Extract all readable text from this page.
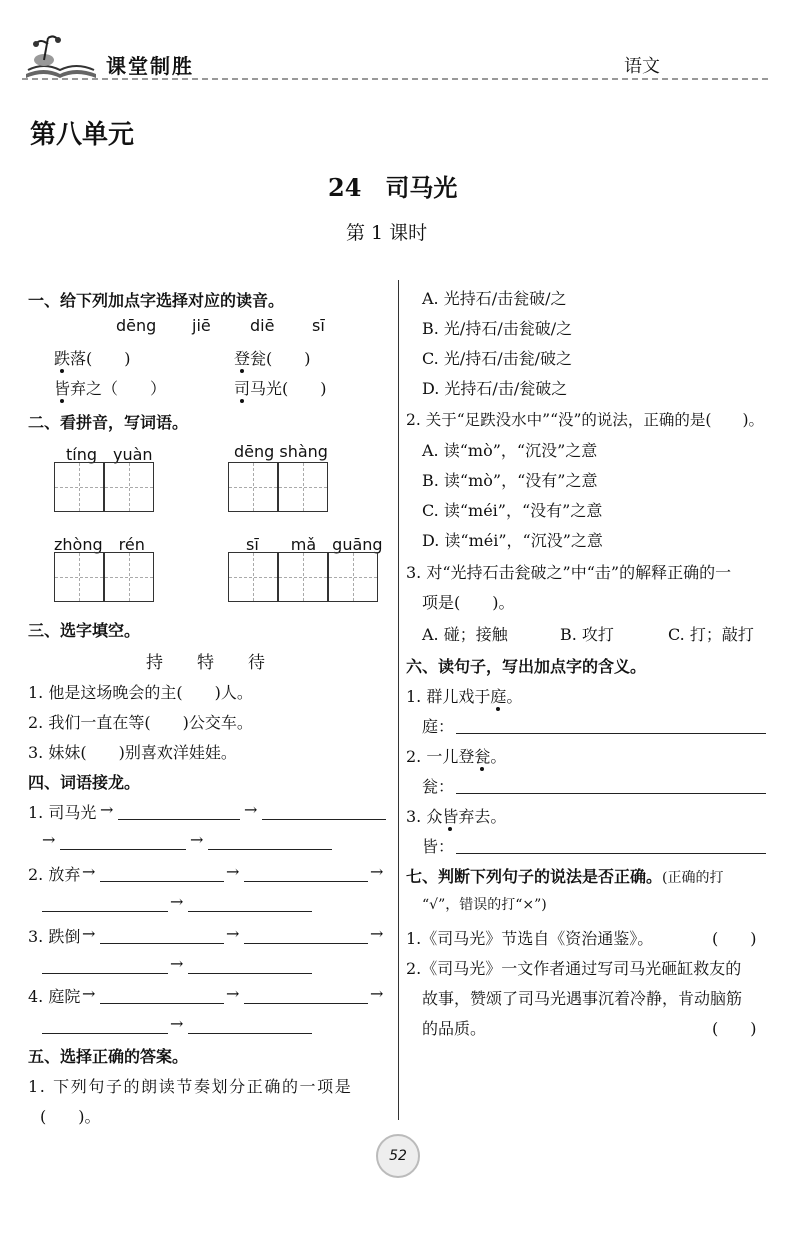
课堂制胜	语文
第八单元
24　司马光
第 1 课时
一、给下列加点字选择对应的读音。
dēng jiē diē sī
跌落(　　)	登瓮(　　)
皆弃之（　　）	司马光(　　)
二、看拼音，写词语。
tíng　yuàn	dēng shàng
zhòng　rén	sī　　mǎ　guāng
三、选字填空。
持　　特　　待
1. 他是这场晚会的主(　　)人。
2. 我们一直在等(　　)公交车。
3. 妹妹(　　)别喜欢洋娃娃。
四、词语接龙。
1. 司马光 →	→
→	→
2. 放弃 →	→	→
→
3. 跌倒 →	→	→
→
4. 庭院 →	→	→
→
五、选择正确的答案。
1. 下列句子的朗读节奏划分正确的一项是
(　　)。
A. 光持石/击瓮破/之
B. 光/持石/击瓮破/之
C. 光/持石/击瓮/破之
D. 光持石/击/瓮破之
2. 关于“足跌没水中”“没”的说法，正确的是(　　)。
A. 读“mò”，“沉没”之意
B. 读“mò”，“没有”之意
C. 读“méi”，“没有”之意
D. 读“méi”，“沉没”之意
3. 对“光持石击瓮破之”中“击”的解释正确的一
项是(　　)。
A. 碰；接触	B. 攻打	C. 打；敲打
六、读句子，写出加点字的含义。
1. 群儿戏于庭。
庭：
2. 一儿登瓮。
瓮：
3. 众皆弃去。
皆：
七、判断下列句子的说法是否正确。(正确的打
“√”，错误的打“×”)
1.《司马光》节选自《资治通鉴》。	(　　)
2.《司马光》一文作者通过写司马光砸缸救友的
故事，赞颂了司马光遇事沉着冷静，肯动脑筋
的品质。	(　　)
52
